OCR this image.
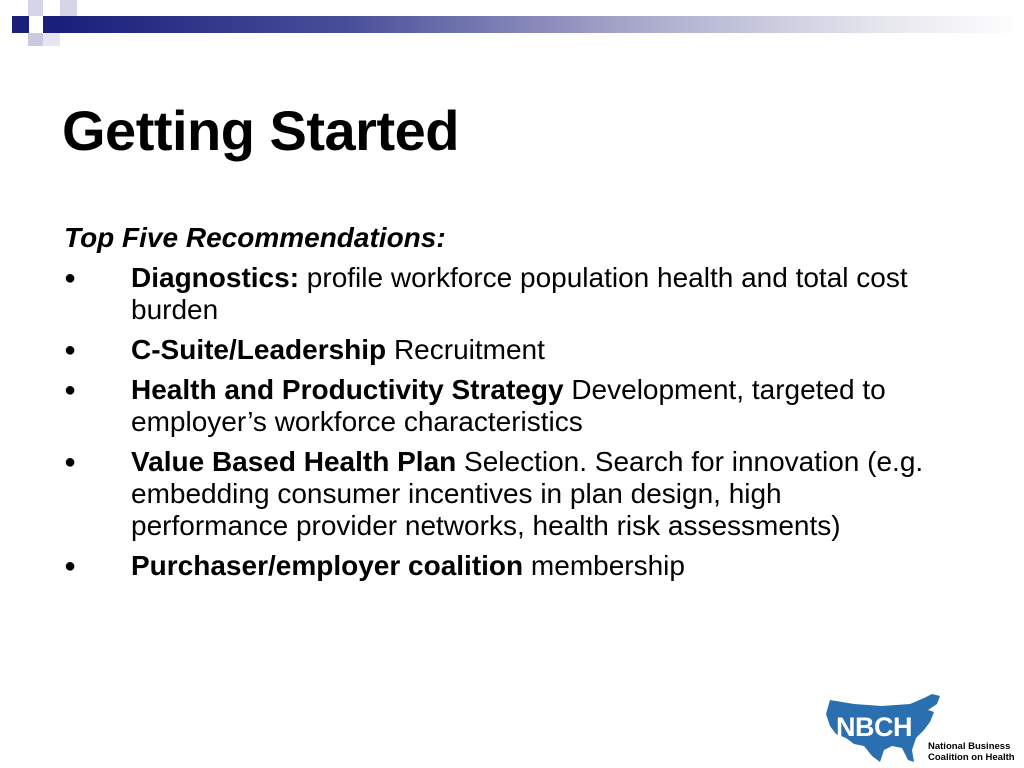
Getting Started
Top Five Recommendations:
● Diagnostics: profile workforce population health and total cost burden
● C-Suite/Leadership Recruitment
● Health and Productivity Strategy Development, targeted to employer’s workforce characteristics
● Value Based Health Plan Selection. Search for innovation (e.g. embedding consumer incentives in plan design, high performance provider networks, health risk assessments)
● Purchaser/employer coalition membership
NBCH
National Business
Coalition on Health
